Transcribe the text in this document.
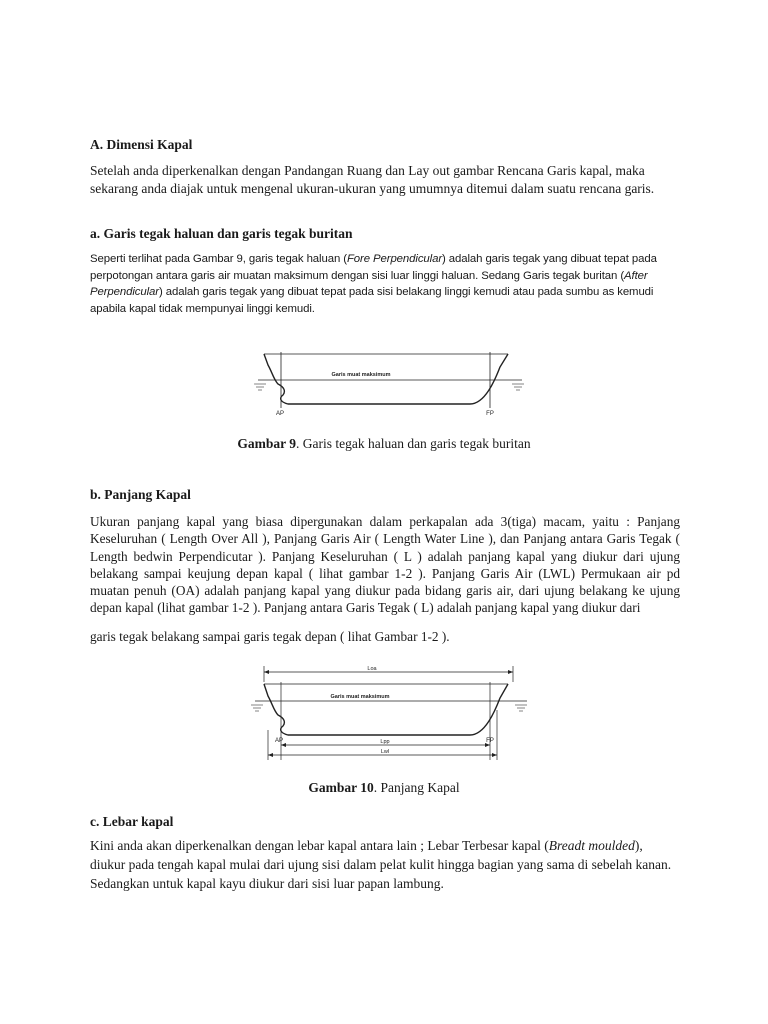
A. Dimensi Kapal

Setelah anda diperkenalkan dengan Pandangan Ruang dan Lay out gambar Rencana Garis kapal, maka sekarang anda diajak untuk mengenal ukuran-ukuran yang umumnya ditemui dalam suatu rencana garis.

a. Garis tegak haluan dan garis tegak buritan

Seperti terlihat pada Gambar 9, garis tegak haluan (Fore Perpendicular) adalah garis tegak yang dibuat tepat pada perpotongan antara garis air muatan maksimum dengan sisi luar linggi haluan. Sedang Garis tegak buritan (After Perpendicular) adalah garis tegak yang dibuat tepat pada sisi belakang linggi kemudi atau pada sumbu as kemudi apabila kapal tidak mempunyai linggi kemudi.

Garis muat maksimum
AP	FP

Gambar 9. Garis tegak haluan dan garis tegak buritan

b. Panjang Kapal

Ukuran panjang kapal yang biasa dipergunakan dalam perkapalan ada 3(tiga) macam, yaitu : Panjang Keseluruhan ( Length Over All ), Panjang Garis Air ( Length Water Line ), dan Panjang antara Garis Tegak ( Length bedwin Perpendicutar ). Panjang Keseluruhan ( L ) adalah panjang kapal yang diukur dari ujung belakang sampai keujung depan kapal ( lihat gambar 1-2 ). Panjang Garis Air (LWL) Permukaan air pd muatan penuh (OA) adalah panjang kapal yang diukur pada bidang garis air, dari ujung belakang ke ujung depan kapal (lihat gambar 1-2 ). Panjang antara Garis Tegak ( L) adalah panjang kapal yang diukur dari

garis tegak belakang sampai garis tegak depan ( lihat Gambar 1-2 ).

Loa
Garis muat maksimum
AP	FP
Lpp
Lwl

Gambar 10. Panjang Kapal

c. Lebar kapal

Kini anda akan diperkenalkan dengan lebar kapal antara lain ; Lebar Terbesar kapal (Breadt moulded), diukur pada tengah kapal mulai dari ujung sisi dalam pelat kulit hingga bagian yang sama di sebelah kanan. Sedangkan untuk kapal kayu diukur dari sisi luar papan lambung.
